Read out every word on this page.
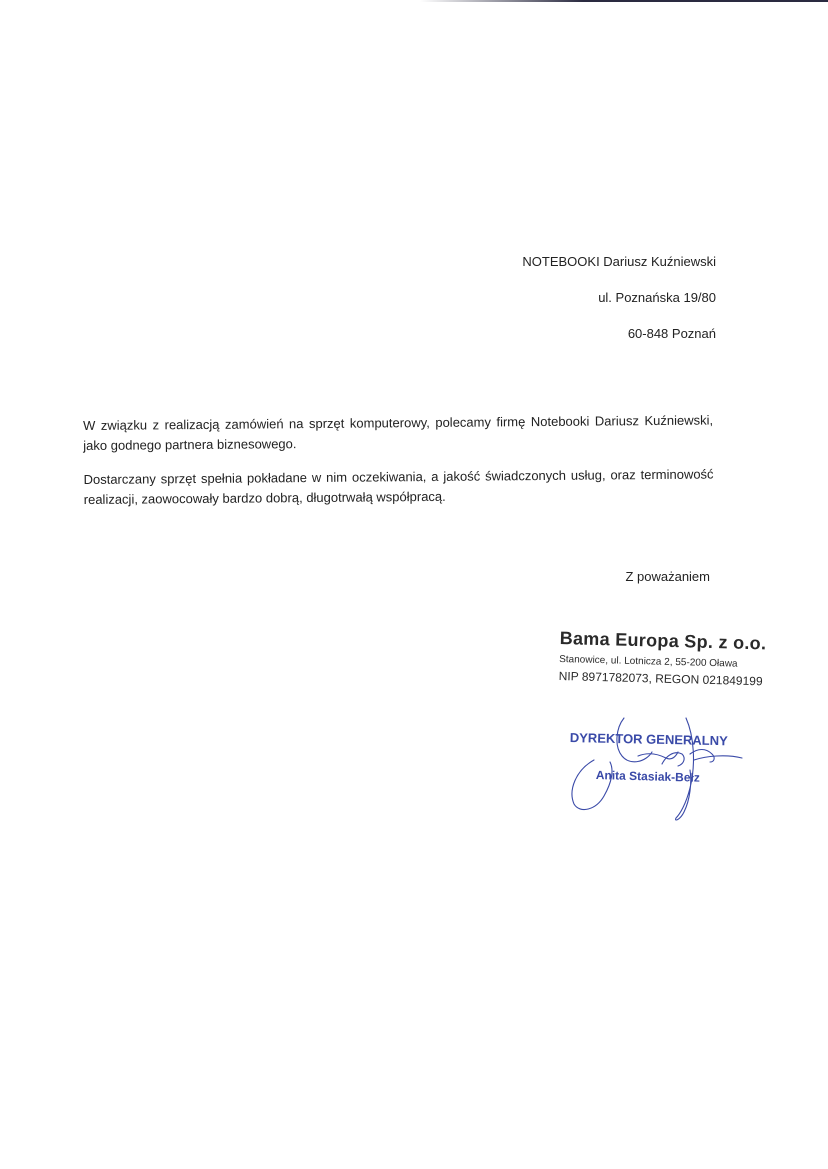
NOTEBOOKI Dariusz Kuźniewski
ul. Poznańska 19/80
60-848 Poznań

W związku z realizacją zamówień na sprzęt komputerowy, polecamy firmę Notebooki Dariusz Kuźniewski, jako godnego partnera biznesowego.

Dostarczany sprzęt spełnia pokładane w nim oczekiwania, a jakość świadczonych usług, oraz terminowość realizacji, zaowocowały bardzo dobrą, długotrwałą współpracą.

Z poważaniem
Bama Europa Sp. z o.o.
Stanowice, ul. Lotnicza 2, 55-200 Oława
NIP 8971782073, REGON 021849199
DYREKTOR GENERALNY
Anita Stasiak-Bełz
